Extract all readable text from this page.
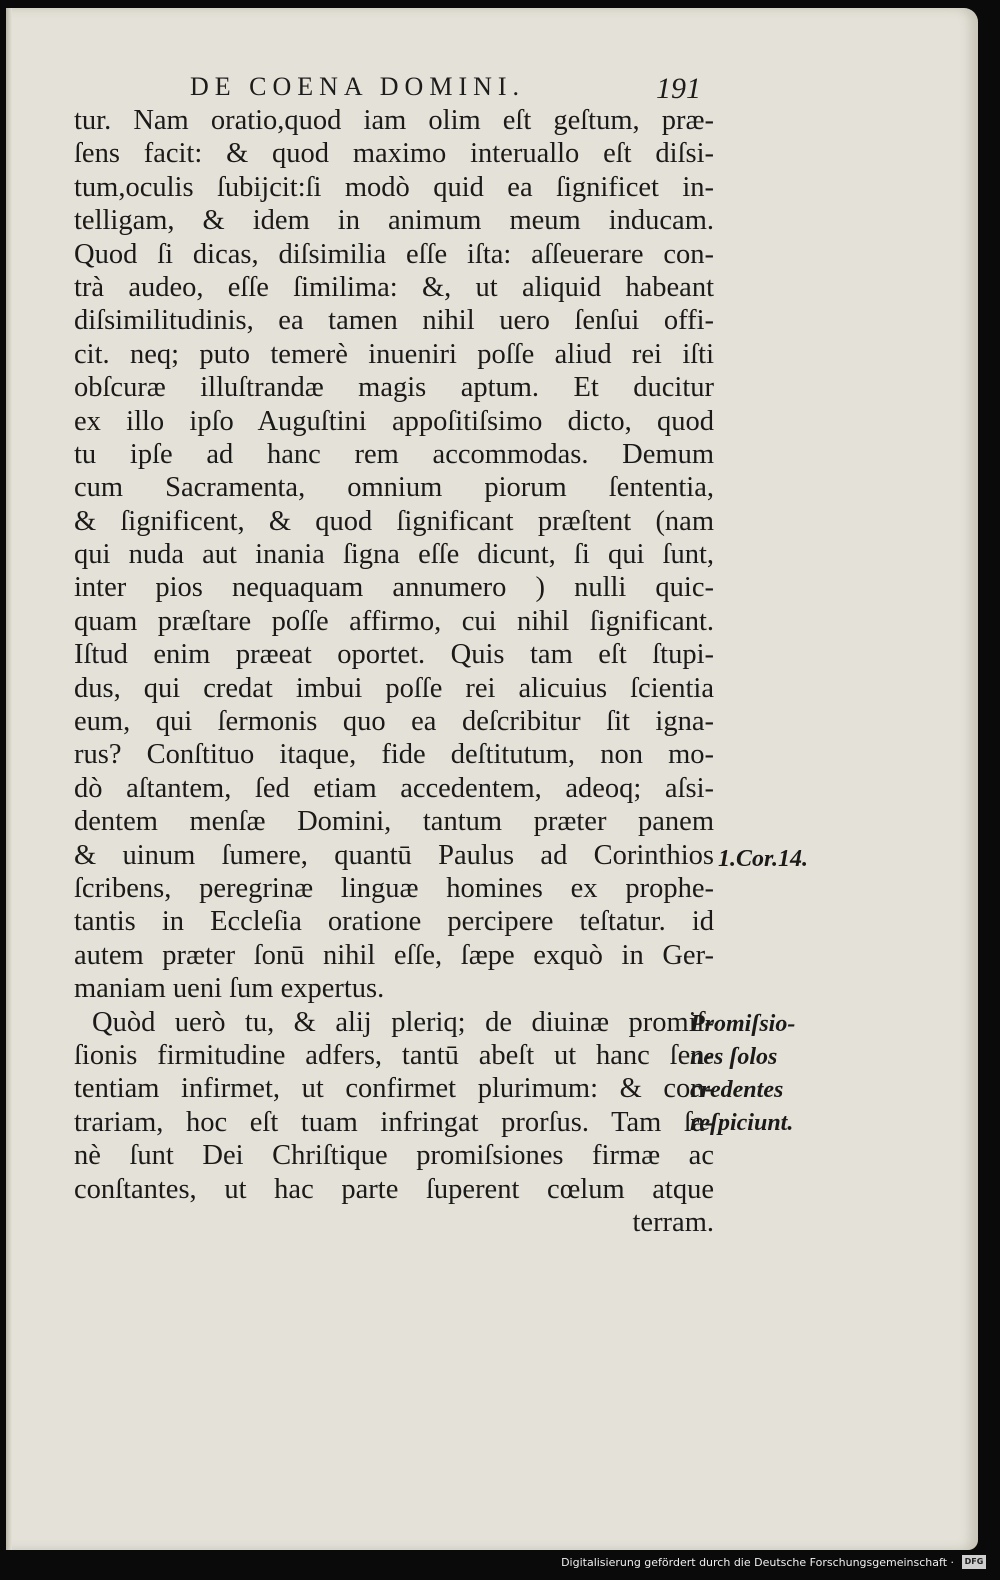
DE COENA DOMINI.	191
tur. Nam oratio,quod iam olim eſt geſtum, præ-
ſens facit: & quod maximo interuallo eſt diſsi-
tum,oculis ſubijcit:ſi modò quid ea ſignificet in-
telligam, & idem in animum meum inducam.
Quod ſi dicas, diſsimilia eſſe iſta: aſſeuerare con-
trà audeo, eſſe ſimilima: &, ut aliquid habeant
diſsimilitudinis, ea tamen nihil uero ſenſui offi-
cit. neq; puto temerè inueniri poſſe aliud rei iſti
obſcuræ illuſtrandæ magis aptum. Et ducitur
ex illo ipſo Auguſtini appoſitiſsimo dicto, quod
tu ipſe ad hanc rem accommodas. Demum
cum Sacramenta, omnium piorum ſententia,
& ſignificent, & quod ſignificant præſtent (nam
qui nuda aut inania ſigna eſſe dicunt, ſi qui ſunt,
inter pios nequaquam annumero ) nulli quic-
quam præſtare poſſe affirmo, cui nihil ſignificant.
Iſtud enim præeat oportet. Quis tam eſt ſtupi-
dus, qui credat imbui poſſe rei alicuius ſcientia
eum, qui ſermonis quo ea deſcribitur ſit igna-
rus? Conſtituo itaque, fide deſtitutum, non mo-
dò aſtantem, ſed etiam accedentem, adeoq; aſsi-
dentem menſæ Domini, tantum præter panem
& uinum ſumere, quantū Paulus ad Corinthios
ſcribens, peregrinæ linguæ homines ex prophe-
tantis in Eccleſia oratione percipere teſtatur. id
autem præter ſonū nihil eſſe, ſæpe exquò in Ger-
maniam ueni ſum expertus.
Quòd uerò tu, & alij pleriq; de diuinæ promiſ-
ſionis firmitudine adfers, tantū abeſt ut hanc ſen-
tentiam infirmet, ut confirmet plurimum: & con-
trariam, hoc eſt tuam infringat prorſus. Tam ſa-
nè ſunt Dei Chriſtique promiſsiones firmæ ac
conſtantes, ut hac parte ſuperent cœlum atque
terram.
1.Cor.14.
Promiſsio-
nes ſolos
credentes
reſpiciunt.
Digitalisierung gefördert durch die Deutsche Forschungsgemeinschaft ·	DFG
